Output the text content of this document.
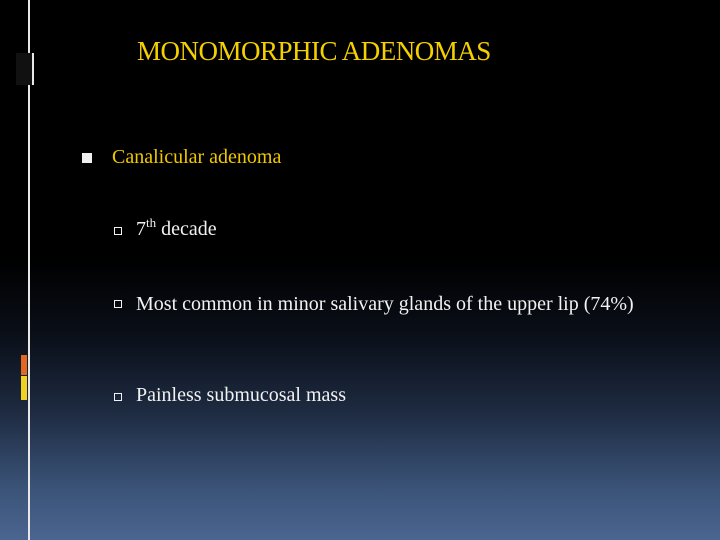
MONOMORPHIC ADENOMAS
Canalicular adenoma
7th decade
Most common in minor salivary glands of the upper lip (74%)
Painless submucosal mass
